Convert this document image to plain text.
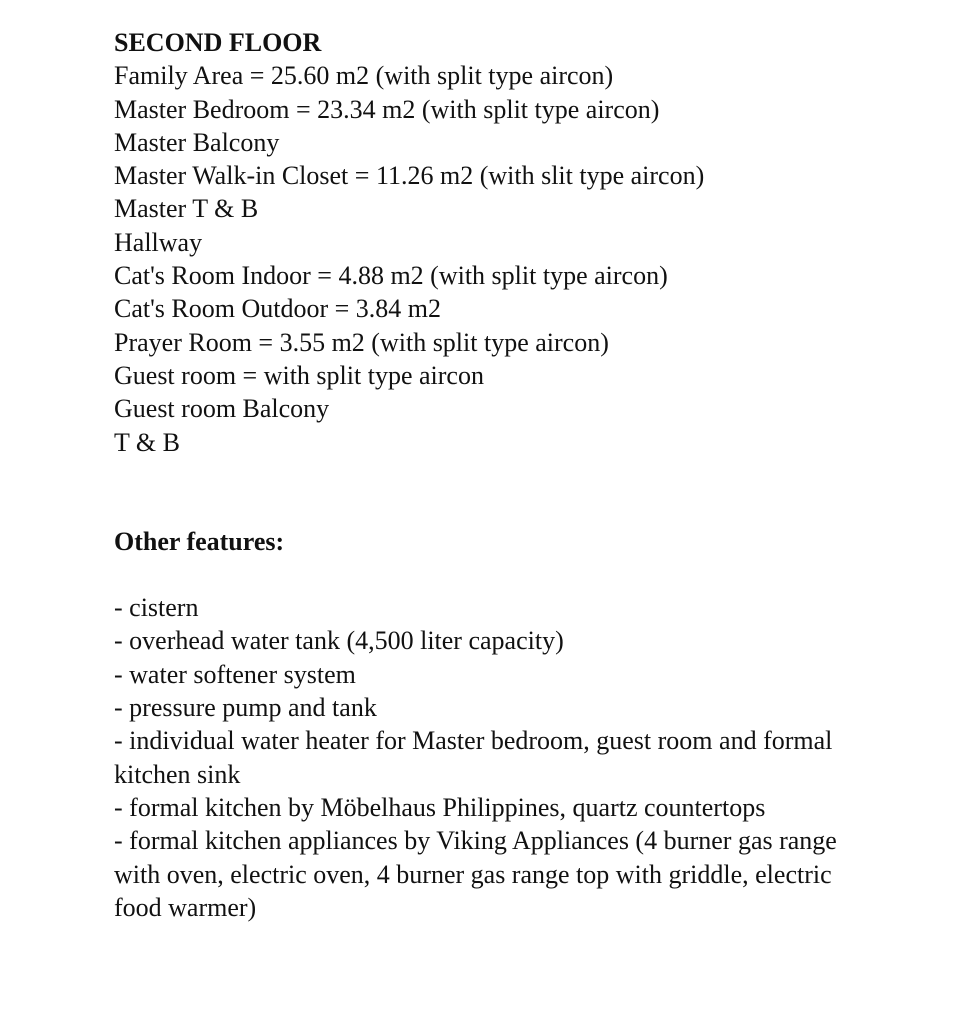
SECOND FLOOR
Family Area = 25.60 m2 (with split type aircon)
Master Bedroom = 23.34 m2 (with split type aircon)
Master Balcony
Master Walk-in Closet = 11.26 m2 (with slit type aircon)
Master T & B
Hallway
Cat's Room Indoor = 4.88 m2 (with split type aircon)
Cat's Room Outdoor = 3.84 m2
Prayer Room = 3.55 m2 (with split type aircon)
Guest room = with split type aircon
Guest room Balcony
T & B
Other features:
- cistern
- overhead water tank (4,500 liter capacity)
- water softener system
- pressure pump and tank
- individual water heater for Master bedroom, guest room and formal kitchen sink
- formal kitchen by Möbelhaus Philippines, quartz countertops
- formal kitchen appliances by Viking Appliances (4 burner gas range with oven, electric oven, 4 burner gas range top with griddle, electric food warmer)
